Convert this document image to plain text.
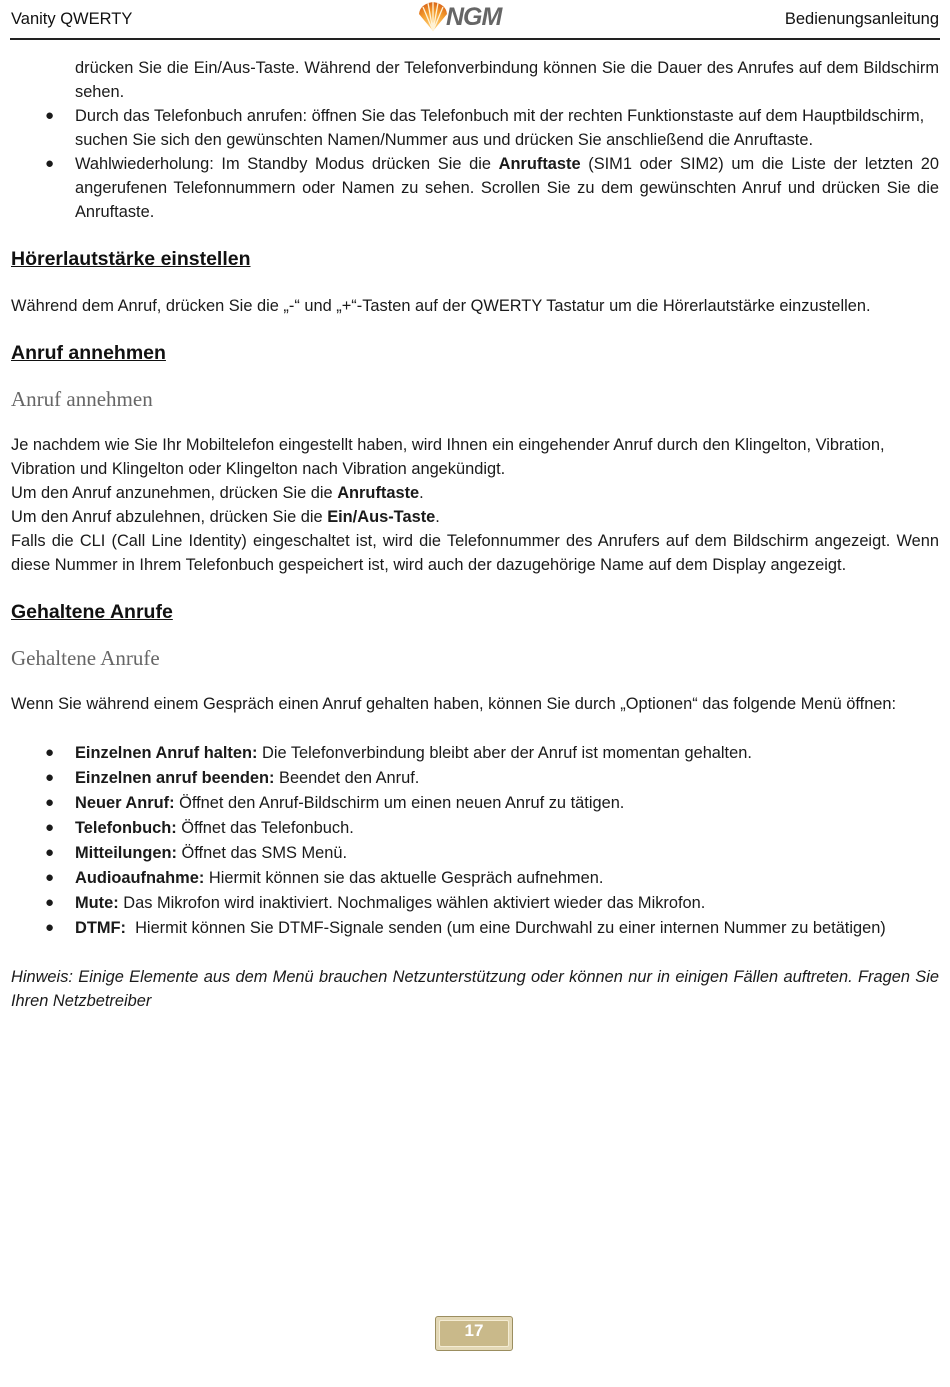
Vanity QWERTY	NGM	Bedienungsanleitung

drücken Sie die Ein/Aus-Taste. Während der Telefonverbindung können Sie die Dauer des Anrufes auf dem Bildschirm sehen.

● Durch das Telefonbuch anrufen: öffnen Sie das Telefonbuch mit der rechten Funktionstaste auf dem Hauptbildschirm, suchen Sie sich den gewünschten Namen/Nummer aus und drücken Sie anschließend die Anruftaste.
● Wahlwiederholung: Im Standby Modus drücken Sie die Anruftaste (SIM1 oder SIM2) um die Liste der letzten 20 angerufenen Telefonnummern oder Namen zu sehen. Scrollen Sie zu dem gewünschten Anruf und drücken Sie die Anruftaste.
Hörerlautstärke einstellen

Während dem Anruf, drücken Sie die „-“ und „+“-Tasten auf der QWERTY Tastatur um die Hörerlautstärke einzustellen.

Anruf annehmen
Anruf annehmen

Je nachdem wie Sie Ihr Mobiltelefon eingestellt haben, wird Ihnen ein eingehender Anruf durch den Klingelton, Vibration, Vibration und Klingelton oder Klingelton nach Vibration angekündigt.

Um den Anruf anzunehmen, drücken Sie die Anruftaste.

Um den Anruf abzulehnen, drücken Sie die Ein/Aus-Taste.

Falls die CLI (Call Line Identity) eingeschaltet ist, wird die Telefonnummer des Anrufers auf dem Bildschirm angezeigt. Wenn diese Nummer in Ihrem Telefonbuch gespeichert ist, wird auch der dazugehörige Name auf dem Display angezeigt.

Gehaltene Anrufe
Gehaltene Anrufe

Wenn Sie während einem Gespräch einen Anruf gehalten haben, können Sie durch „Optionen“ das folgende Menü öffnen:

● Einzelnen Anruf halten: Die Telefonverbindung bleibt aber der Anruf ist momentan gehalten.
● Einzelnen anruf beenden: Beendet den Anruf.
● Neuer Anruf: Öffnet den Anruf-Bildschirm um einen neuen Anruf zu tätigen.
● Telefonbuch: Öffnet das Telefonbuch.
● Mitteilungen: Öffnet das SMS Menü.
● Audioaufnahme: Hiermit können sie das aktuelle Gespräch aufnehmen.
● Mute: Das Mikrofon wird inaktiviert. Nochmaliges wählen aktiviert wieder das Mikrofon.
● DTMF:  Hiermit können Sie DTMF-Signale senden (um eine Durchwahl zu einer internen Nummer zu betätigen)

Hinweis: Einige Elemente aus dem Menü brauchen Netzunterstützung oder können nur in einigen Fällen auftreten. Fragen Sie Ihren Netzbetreiber

17
